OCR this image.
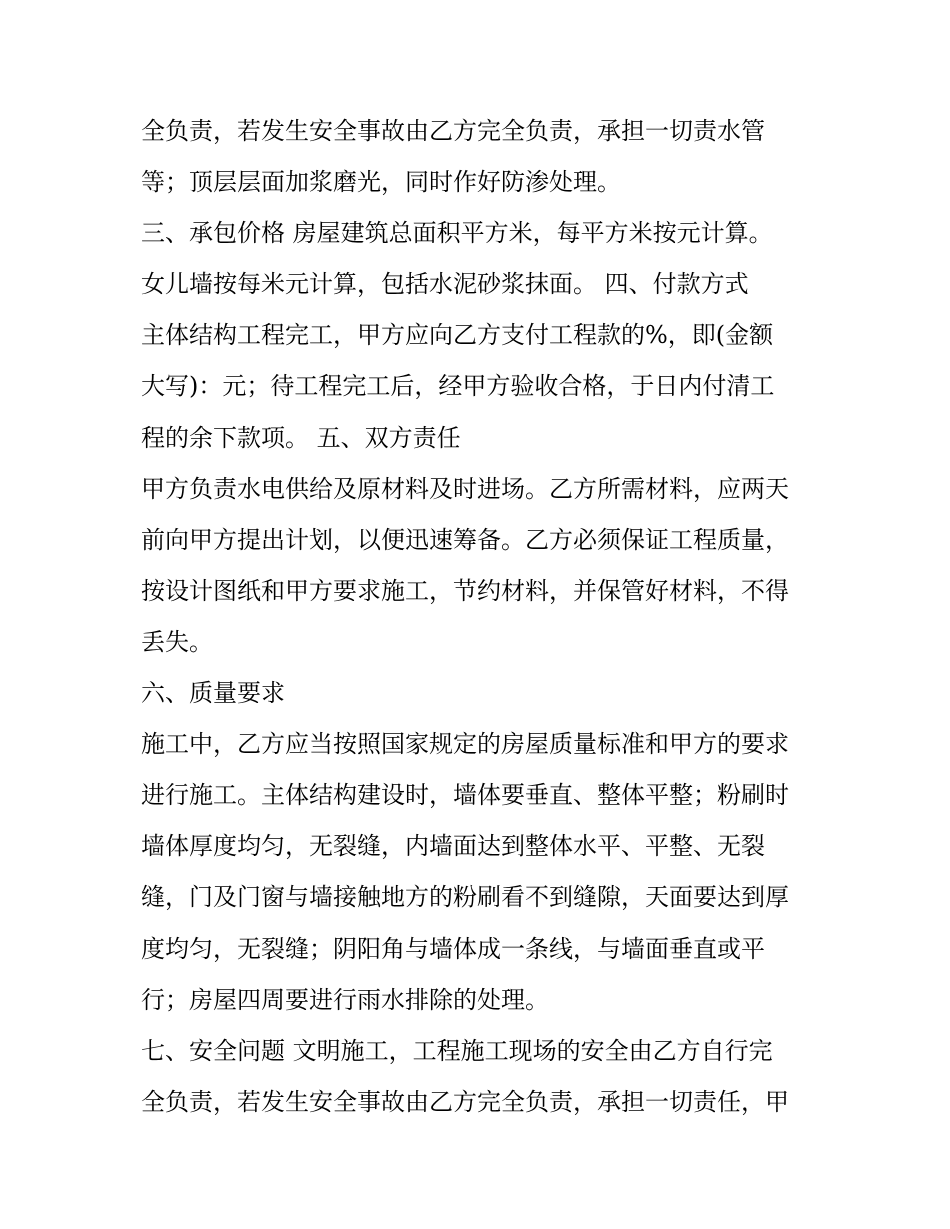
全负责，若发生安全事故由乙方完全负责，承担一切责水管
等；顶层层面加浆磨光，同时作好防渗处理。
三、承包价格 房屋建筑总面积平方米，每平方米按元计算。
女儿墙按每米元计算，包括水泥砂浆抹面。 四、付款方式
主体结构工程完工，甲方应向乙方支付工程款的%，即(金额
大写)：元；待工程完工后，经甲方验收合格，于日内付清工
程的余下款项。 五、双方责任
甲方负责水电供给及原材料及时进场。乙方所需材料，应两天
前向甲方提出计划，以便迅速筹备。乙方必须保证工程质量，
按设计图纸和甲方要求施工，节约材料，并保管好材料，不得
丢失。
六、质量要求
施工中，乙方应当按照国家规定的房屋质量标准和甲方的要求
进行施工。主体结构建设时，墙体要垂直、整体平整；粉刷时
墙体厚度均匀，无裂缝，内墙面达到整体水平、平整、无裂
缝，门及门窗与墙接触地方的粉刷看不到缝隙，天面要达到厚
度均匀，无裂缝；阴阳角与墙体成一条线，与墙面垂直或平
行；房屋四周要进行雨水排除的处理。
七、安全问题 文明施工，工程施工现场的安全由乙方自行完
全负责，若发生安全事故由乙方完全负责，承担一切责任，甲
